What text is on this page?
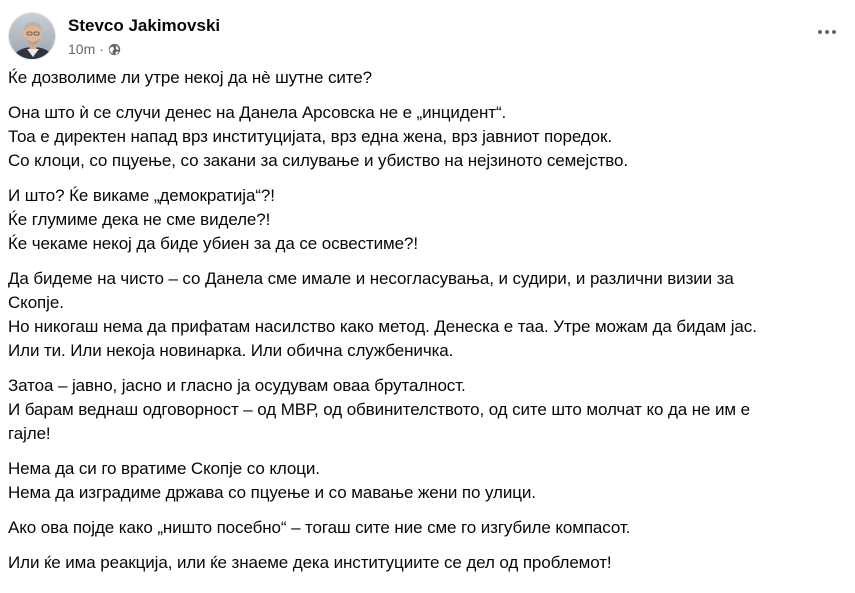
Stevco Jakimovski
10m ·

Ќе дозволиме ли утре некој да нè шутне сите?

Она што ѝ се случи денес на Данела Арсовска не е „инцидент“.
Тоа е директен напад врз институцијата, врз една жена, врз јавниот поредок.
Со клоци, со пцуење, со закани за силување и убиство на нејзиното семејство.

И што? Ќе викаме „демократија“?!
Ќе глумиме дека не сме виделе?!
Ќе чекаме некој да биде убиен за да се освестиме?!

Да бидеме на чисто – со Данела сме имале и несогласувања, и судири, и различни визии за
Скопје.
Но никогаш нема да прифатам насилство како метод. Денеска е таа. Утре можам да бидам јас.
Или ти. Или некоја новинарка. Или обична службеничка.

Затоа – јавно, јасно и гласно ја осудувам оваа бруталност.
И барам веднаш одговорност – од МВР, од обвинителството, од сите што молчат ко да не им е
гајле!

Нема да си го вратиме Скопје со клоци.
Нема да изградиме држава со пцуење и со мавање жени по улици.

Ако ова појде како „ништо посебно“ – тогаш сите ние сме го изгубиле компасот.

Или ќе има реакција, или ќе знаеме дека институциите се дел од проблемот!
